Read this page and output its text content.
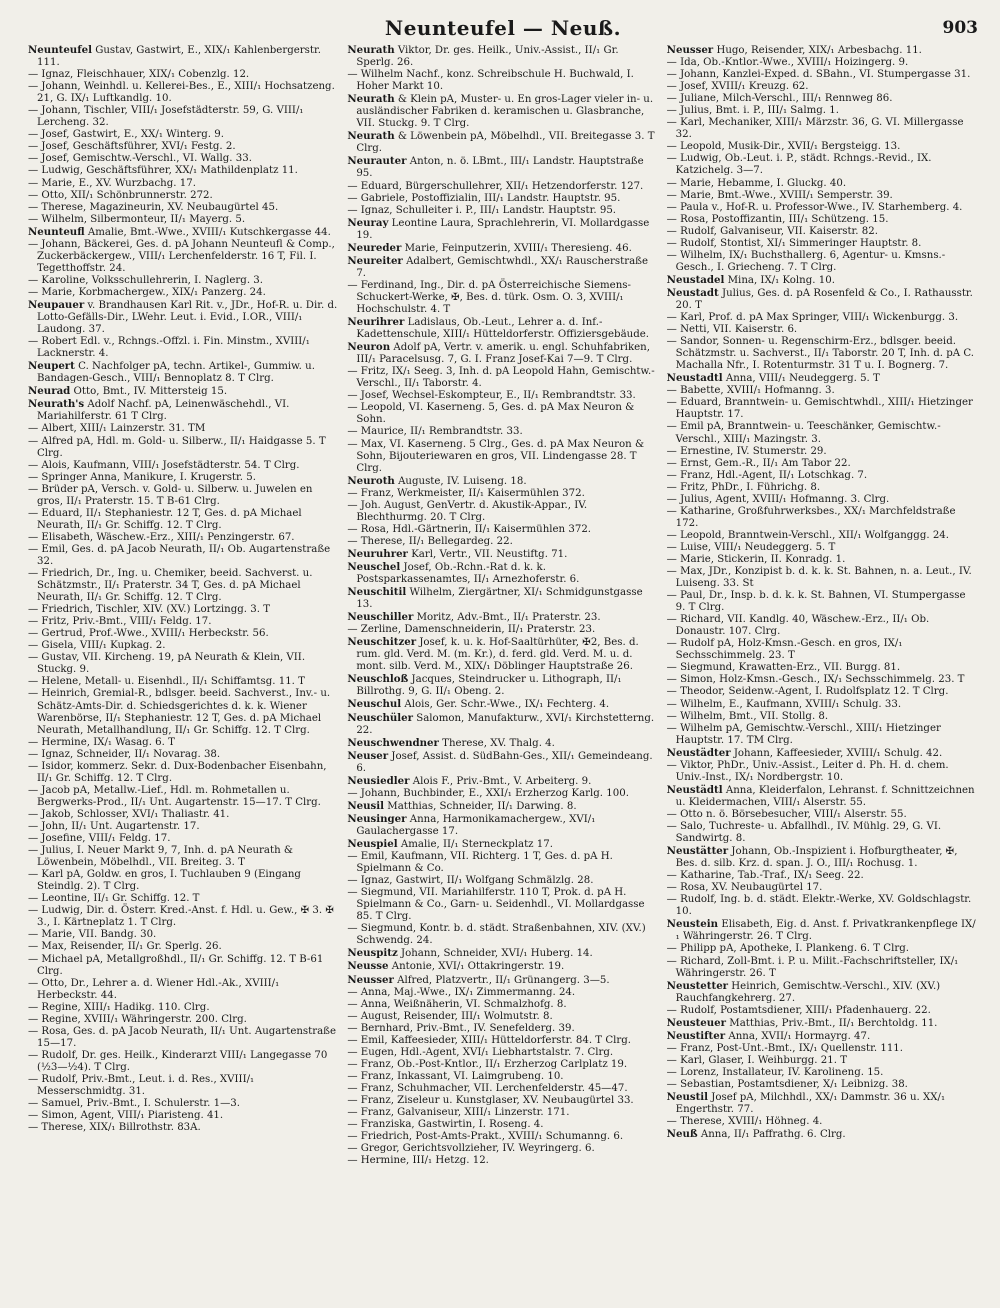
Neunteufel — Neuß.	903

Neunteufel Gustav, Gastwirt, E., XIX/₁ Kahlenbergerstr. 111.

— Ignaz, Fleischhauer, XIX/₁ Cobenzlg. 12.

— Johann, Weinhdl. u. Kellerei-Bes., E., XIII/₁ Hochsatzeng. 21, G. IX/₁ Luftkandlg. 10.

— Johann, Tischler, VIII/₁ Josefstädterstr. 59, G. VIII/₁ Lercheng. 32.

— Josef, Gastwirt, E., XX/₁ Winterg. 9.

— Josef, Geschäftsführer, XVI/₁ Festg. 2.

— Josef, Gemischtw.-Verschl., VI. Wallg. 33.

— Ludwig, Geschäftsführer, XX/₁ Mathildenplatz 11.

— Marie, E., XV. Wurzbachg. 17.

— Otto, XII/₁ Schönbrunnerstr. 272.

— Therese, Magazineurin, XV. Neubaugürtel 45.

— Wilhelm, Silbermonteur, II/₁ Mayerg. 5.

Neunteufl Amalie, Bmt.-Wwe., XVIII/₁ Kutschkergasse 44.

— Johann, Bäckerei, Ges. d. pA Johann Neunteufl & Comp., Zuckerbäckergew., VIII/₁ Lerchenfelderstr. 16 T, Fil. I. Tegetthoffstr. 24.

— Karoline, Volksschullehrerin, I. Naglerg. 3.

— Marie, Korbmachergew., XIX/₁ Panzerg. 24.

Neupauer v. Brandhausen Karl Rit. v., JDr., Hof-R. u. Dir. d. Lotto-Gefälls-Dir., LWehr. Leut. i. Evid., I.OR., VIII/₁ Laudong. 37.

— Robert Edl. v., Rchngs.-Offzl. i. Fin. Minstm., XVIII/₁ Lacknerstr. 4.

Neupert C. Nachfolger pA, techn. Artikel-, Gummiw. u. Bandagen-Gesch., VIII/₁ Bennoplatz 8. T Clrg.

Neurad Otto, Bmt., IV. Mittersteig 15.

Neurath's Adolf Nachf. pA, Leinenwäschehdl., VI. Mariahilferstr. 61 T Clrg.

— Albert, XIII/₁ Lainzerstr. 31. TM

— Alfred pA, Hdl. m. Gold- u. Silberw., II/₁ Haidgasse 5. T Clrg.

— Alois, Kaufmann, VIII/₁ Josefstädterstr. 54. T Clrg.

— Springer Anna, Manikure, I. Krugerstr. 5.

— Brüder pA, Versch. v. Gold- u. Silberw. u. Juwelen en gros, II/₁ Praterstr. 15. T B-61 Clrg.

— Eduard, II/₁ Stephaniestr. 12 T, Ges. d. pA Michael Neurath, II/₁ Gr. Schiffg. 12. T Clrg.

— Elisabeth, Wäschew.-Erz., XIII/₁ Penzingerstr. 67.

— Emil, Ges. d. pA Jacob Neurath, II/₁ Ob. Augartenstraße 32.

— Friedrich, Dr., Ing. u. Chemiker, beeid. Sachverst. u. Schätzmstr., II/₁ Praterstr. 34 T, Ges. d. pA Michael Neurath, II/₁ Gr. Schiffg. 12. T Clrg.

— Friedrich, Tischler, XIV. (XV.) Lortzingg. 3. T

— Fritz, Priv.-Bmt., VIII/₁ Feldg. 17.

— Gertrud, Prof.-Wwe., XVIII/₁ Herbeckstr. 56.

— Gisela, VIII/₁ Kupkag. 2.

— Gustav, VII. Kircheng. 19, pA Neurath & Klein, VII. Stuckg. 9.

— Helene, Metall- u. Eisenhdl., II/₁ Schiffamtsg. 11. T

— Heinrich, Gremial-R., bdlsger. beeid. Sachverst., Inv.- u. Schätz-Amts-Dir. d. Schiedsgerichtes d. k. k. Wiener Warenbörse, II/₁ Stephaniestr. 12 T, Ges. d. pA Michael Neurath, Metallhandlung, II/₁ Gr. Schiffg. 12. T Clrg.

— Hermine, IX/₁ Wasag. 6. T

— Ignaz, Schneider, II/₁ Novarag. 38.

— Isidor, kommerz. Sekr. d. Dux-Bodenbacher Eisenbahn, II/₁ Gr. Schiffg. 12. T Clrg.

— Jacob pA, Metallw.-Lief., Hdl. m. Rohmetallen u. Bergwerks-Prod., II/₁ Unt. Augartenstr. 15—17. T Clrg.

— Jakob, Schlosser, XVI/₁ Thaliastr. 41.

— John, II/₁ Unt. Augartenstr. 17.

— Josefine, VIII/₁ Feldg. 17.

— Julius, I. Neuer Markt 9, 7, Inh. d. pA Neurath & Löwenbein, Möbelhdl., VII. Breiteg. 3. T

— Karl pA, Goldw. en gros, I. Tuchlauben 9 (Eingang Steindlg. 2). T Clrg.

— Leontine, II/₁ Gr. Schiffg. 12. T

— Ludwig, Dir. d. Österr. Kred.-Anst. f. Hdl. u. Gew., ✠ 3. ✠ 3., I. Kärtneplatz 1. T Clrg.

— Marie, VII. Bandg. 30.

— Max, Reisender, II/₁ Gr. Sperlg. 26.

— Michael pA, Metallgroßhdl., II/₁ Gr. Schiffg. 12. T B-61 Clrg.

— Otto, Dr., Lehrer a. d. Wiener Hdl.-Ak., XVIII/₁ Herbeckstr. 44.

— Regine, XIII/₁ Hadikg. 110. Clrg.

— Regine, XVIII/₁ Währingerstr. 200. Clrg.

— Rosa, Ges. d. pA Jacob Neurath, II/₁ Unt. Augartenstraße 15—17.

— Rudolf, Dr. ges. Heilk., Kinderarzt VIII/₁ Langegasse 70 (½3—½4). T Clrg.

— Rudolf, Priv.-Bmt., Leut. i. d. Res., XVIII/₁ Messerschmidtg. 31.

— Samuel, Priv.-Bmt., I. Schulerstr. 1—3.

— Simon, Agent, VIII/₁ Piaristeng. 41.

— Therese, XIX/₁ Billrothstr. 83A.

Neurath Viktor, Dr. ges. Heilk., Univ.-Assist., II/₁ Gr. Sperlg. 26.

— Wilhelm Nachf., konz. Schreibschule H. Buchwald, I. Hoher Markt 10.

Neurath & Klein pA, Muster- u. En gros-Lager vieler in- u. ausländischer Fabriken d. keramischen u. Glasbranche, VII. Stuckg. 9. T Clrg.

Neurath & Löwenbein pA, Möbelhdl., VII. Breitegasse 3. T Clrg.

Neurauter Anton, n. ö. LBmt., III/₁ Landstr. Hauptstraße 95.

— Eduard, Bürgerschullehrer, XII/₁ Hetzendorferstr. 127.

— Gabriele, Postoffizialin, III/₁ Landstr. Hauptstr. 95.

— Ignaz, Schulleiter i. P., III/₁ Landstr. Hauptstr. 95.

Neuray Leontine Laura, Sprachlehrerin, VI. Mollardgasse 19.

Neureder Marie, Feinputzerin, XVIII/₁ Theresieng. 46.

Neureiter Adalbert, Gemischtwhdl., XX/₁ Rauscherstraße 7.

— Ferdinand, Ing., Dir. d. pA Österreichische Siemens-Schuckert-Werke, ✠, Bes. d. türk. Osm. O. 3, XVIII/₁ Hochschulstr. 4. T

Neurihrer Ladislaus, Ob.-Leut., Lehrer a. d. Inf.-Kadettenschule, XIII/₁ Hütteldorferstr. Offiziersgebäude.

Neuron Adolf pA, Vertr. v. amerik. u. engl. Schuhfabriken, III/₁ Paracelsusg. 7, G. I. Franz Josef-Kai 7—9. T Clrg.

— Fritz, IX/₁ Seeg. 3, Inh. d. pA Leopold Hahn, Gemischtw.-Verschl., II/₁ Taborstr. 4.

— Josef, Wechsel-Eskompteur, E., II/₁ Rembrandtstr. 33.

— Leopold, VI. Kaserneng. 5, Ges. d. pA Max Neuron & Sohn.

— Maurice, II/₁ Rembrandtstr. 33.

— Max, VI. Kaserneng. 5 Clrg., Ges. d. pA Max Neuron & Sohn, Bijouteriewaren en gros, VII. Lindengasse 28. T Clrg.

Neuroth Auguste, IV. Luiseng. 18.

— Franz, Werkmeister, II/₁ Kaisermühlen 372.

— Joh. August, GenVertr. d. Akustik-Appar., IV. Blechthurmg. 20. T Clrg.

— Rosa, Hdl.-Gärtnerin, II/₁ Kaisermühlen 372.

— Therese, II/₁ Bellegardeg. 22.

Neuruhrer Karl, Vertr., VII. Neustiftg. 71.

Neuschel Josef, Ob.-Rchn.-Rat d. k. k. Postsparkassenamtes, II/₁ Arnezhoferstr. 6.

Neuschitil Wilhelm, Ziergärtner, XI/₁ Schmidgunstgasse 13.

Neuschiller Moritz, Adv.-Bmt., II/₁ Praterstr. 23.

— Zerline, Damenschneiderin, II/₁ Praterstr. 23.

Neuschitzer Josef, k. u. k. Hof-Saaltürhüter, ✠2, Bes. d. rum. gld. Verd. M. (m. Kr.), d. ferd. gld. Verd. M. u. d. mont. silb. Verd. M., XIX/₁ Döblinger Hauptstraße 26.

Neuschloß Jacques, Steindrucker u. Lithograph, II/₁ Billrothg. 9, G. II/₁ Obeng. 2.

Neuschul Alois, Ger. Schr.-Wwe., IX/₁ Fechterg. 4.

Neuschüler Salomon, Manufakturw., XVI/₁ Kirchstetterng. 22.

Neuschwendner Therese, XV. Thalg. 4.

Neuser Josef, Assist. d. SüdBahn-Ges., XII/₁ Gemeindeang. 6.

Neusiedler Alois F., Priv.-Bmt., V. Arbeiterg. 9.

— Johann, Buchbinder, E., XXI/₁ Erzherzog Karlg. 100.

Neusil Matthias, Schneider, II/₁ Darwing. 8.

Neusinger Anna, Harmonikamachergew., XVI/₁ Gaulachergasse 17.

Neuspiel Amalie, II/₁ Sterneckplatz 17.

— Emil, Kaufmann, VII. Richterg. 1 T, Ges. d. pA H. Spielmann & Co.

— Ignaz, Gastwirt, II/₁ Wolfgang Schmälzlg. 28.

— Siegmund, VII. Mariahilferstr. 110 T, Prok. d. pA H. Spielmann & Co., Garn- u. Seidenhdl., VI. Mollardgasse 85. T Clrg.

— Siegmund, Kontr. b. d. städt. Straßenbahnen, XIV. (XV.) Schwendg. 24.

Neuspitz Johann, Schneider, XVI/₁ Huberg. 14.

Neusse Antonie, XVI/₁ Ottakringerstr. 19.

Neusser Alfred, Platzvertr., II/₁ Grünangerg. 3—5.

— Anna, Maj.-Wwe., IX/₁ Zimmermanng. 24.

— Anna, Weißnäherin, VI. Schmalzhofg. 8.

— August, Reisender, III/₁ Wolmutstr. 8.

— Bernhard, Priv.-Bmt., IV. Senefelderg. 39.

— Emil, Kaffeesieder, XIII/₁ Hütteldorferstr. 84. T Clrg.

— Eugen, Hdl.-Agent, XVI/₁ Liebhartstalstr. 7. Clrg.

— Franz, Ob.-Post-Kntlor., II/₁ Erzherzog Carlplatz 19.

— Franz, Inkassant, VI. Laimgrubeng. 10.

— Franz, Schuhmacher, VII. Lerchenfelderstr. 45—47.

— Franz, Ziseleur u. Kunstglaser, XV. Neubaugürtel 33.

— Franz, Galvaniseur, XIII/₁ Linzerstr. 171.

— Franziska, Gastwirtin, I. Roseng. 4.

— Friedrich, Post-Amts-Prakt., XVIII/₁ Schumanng. 6.

— Gregor, Gerichtsvollzieher, IV. Weyringerg. 6.

— Hermine, III/₁ Hetzg. 12.

Neusser Hugo, Reisender, XIX/₁ Arbesbachg. 11.

— Ida, Ob.-Kntlor.-Wwe., XVIII/₁ Hoizingerg. 9.

— Johann, Kanzlei-Exped. d. SBahn., VI. Stumpergasse 31.

— Josef, XVIII/₁ Kreuzg. 62.

— Juliane, Milch-Verschl., III/₁ Rennweg 86.

— Julius, Bmt. i. P., III/₁ Salmg. 1.

— Karl, Mechaniker, XIII/₁ Märzstr. 36, G. VI. Millergasse 32.

— Leopold, Musik-Dir., XVII/₁ Bergsteigg. 13.

— Ludwig, Ob.-Leut. i. P., städt. Rchngs.-Revid., IX. Katzichelg. 3—7.

— Marie, Hebamme, I. Gluckg. 40.

— Marie, Bmt.-Wwe., XVIII/₁ Semperstr. 39.

— Paula v., Hof-R. u. Professor-Wwe., IV. Starhemberg. 4.

— Rosa, Postoffizantin, III/₁ Schützeng. 15.

— Rudolf, Galvaniseur, VII. Kaiserstr. 82.

— Rudolf, Stontist, XI/₁ Simmeringer Hauptstr. 8.

— Wilhelm, IX/₁ Buchsthallerg. 6, Agentur- u. Kmsns.-Gesch., I. Griecheng. 7. T Clrg.

Neustadel Mina, IX/₁ Kolng. 10.

Neustadt Julius, Ges. d. pA Rosenfeld & Co., I. Rathausstr. 20. T

— Karl, Prof. d. pA Max Springer, VIII/₁ Wickenburgg. 3.

— Netti, VII. Kaiserstr. 6.

— Sandor, Sonnen- u. Regenschirm-Erz., bdlsger. beeid. Schätzmstr. u. Sachverst., II/₁ Taborstr. 20 T, Inh. d. pA C. Machalla Nfr., I. Rotenturmstr. 31 T u. I. Bognerg. 7.

Neustadtl Anna, VIII/₁ Neudeggerg. 5. T

— Babette, XVIII/₁ Hofmanng. 3.

— Eduard, Branntwein- u. Gemischtwhdl., XIII/₁ Hietzinger Hauptstr. 17.

— Emil pA, Branntwein- u. Teeschänker, Gemischtw.-Verschl., XIII/₁ Mazingstr. 3.

— Ernestine, IV. Stumerstr. 29.

— Ernst, Gem.-R., II/₁ Am Tabor 22.

— Franz, Hdl.-Agent, II/₁ Lotschkag. 7.

— Fritz, PhDr., I. Führichg. 8.

— Julius, Agent, XVIII/₁ Hofmanng. 3. Clrg.

— Katharine, Großfuhrwerksbes., XX/₁ Marchfeldstraße 172.

— Leopold, Branntwein-Verschl., XII/₁ Wolfganggg. 24.

— Luise, VIII/₁ Neudeggerg. 5. T

— Marie, Stickerin, II. Konradg. 1.

— Max, JDr., Konzipist b. d. k. k. St. Bahnen, n. a. Leut., IV. Luiseng. 33. St

— Paul, Dr., Insp. b. d. k. k. St. Bahnen, VI. Stumpergasse 9. T Clrg.

— Richard, VII. Kandlg. 40, Wäschew.-Erz., II/₁ Ob. Donaustr. 107. Clrg.

— Rudolf pA, Holz-Kmsn.-Gesch. en gros, IX/₁ Sechsschimmelg. 23. T

— Siegmund, Krawatten-Erz., VII. Burgg. 81.

— Simon, Holz-Kmsn.-Gesch., IX/₁ Sechsschimmelg. 23. T

— Theodor, Seidenw.-Agent, I. Rudolfsplatz 12. T Clrg.

— Wilhelm, E., Kaufmann, XVIII/₁ Schulg. 33.

— Wilhelm, Bmt., VII. Stollg. 8.

— Wilhelm pA, Gemischtw.-Verschl., XIII/₁ Hietzinger Hauptstr. 17. TM Clrg.

Neustädter Johann, Kaffeesieder, XVIII/₁ Schulg. 42.

— Viktor, PhDr., Univ.-Assist., Leiter d. Ph. H. d. chem. Univ.-Inst., IX/₁ Nordbergstr. 10.

Neustädtl Anna, Kleiderfalon, Lehranst. f. Schnittzeichnen u. Kleidermachen, VIII/₁ Alserstr. 55.

— Otto n. ö. Börsebesucher, VIII/₁ Alserstr. 55.

— Salo, Tuchreste- u. Abfallhdl., IV. Mühlg. 29, G. VI. Sandwirtg. 8.

Neustätter Johann, Ob.-Inspizient i. Hofburgtheater, ✠, Bes. d. silb. Krz. d. span. J. O., III/₁ Rochusg. 1.

— Katharine, Tab.-Traf., IX/₁ Seeg. 22.

— Rosa, XV. Neubaugürtel 17.

— Rudolf, Ing. b. d. städt. Elektr.-Werke, XV. Goldschlagstr. 10.

Neustein Elisabeth, Eig. d. Anst. f. Privatkrankenpflege IX/₁ Währingerstr. 26. T Clrg.

— Philipp pA, Apotheke, I. Plankeng. 6. T Clrg.

— Richard, Zoll-Bmt. i. P. u. Milit.-Fachschriftsteller, IX/₁ Währingerstr. 26. T

Neustetter Heinrich, Gemischtw.-Verschl., XIV. (XV.) Rauchfangkehrerg. 27.

— Rudolf, Postamtsdiener, XIII/₁ Pfadenhauerg. 22.

Neusteuer Matthias, Priv.-Bmt., II/₁ Berchtoldg. 11.

Neustifter Anna, XVII/₁ Hormayrg. 47.

— Franz, Post-Unt.-Bmt., IX/₁ Quellenstr. 111.

— Karl, Glaser, I. Weihburgg. 21. T

— Lorenz, Installateur, IV. Karolineng. 15.

— Sebastian, Postamtsdiener, X/₁ Leibnizg. 38.

Neustil Josef pA, Milchhdl., XX/₁ Dammstr. 36 u. XX/₁ Engerthstr. 77.

— Therese, XVIII/₁ Höhneg. 4.

Neuß Anna, II/₁ Paffrathg. 6. Clrg.
